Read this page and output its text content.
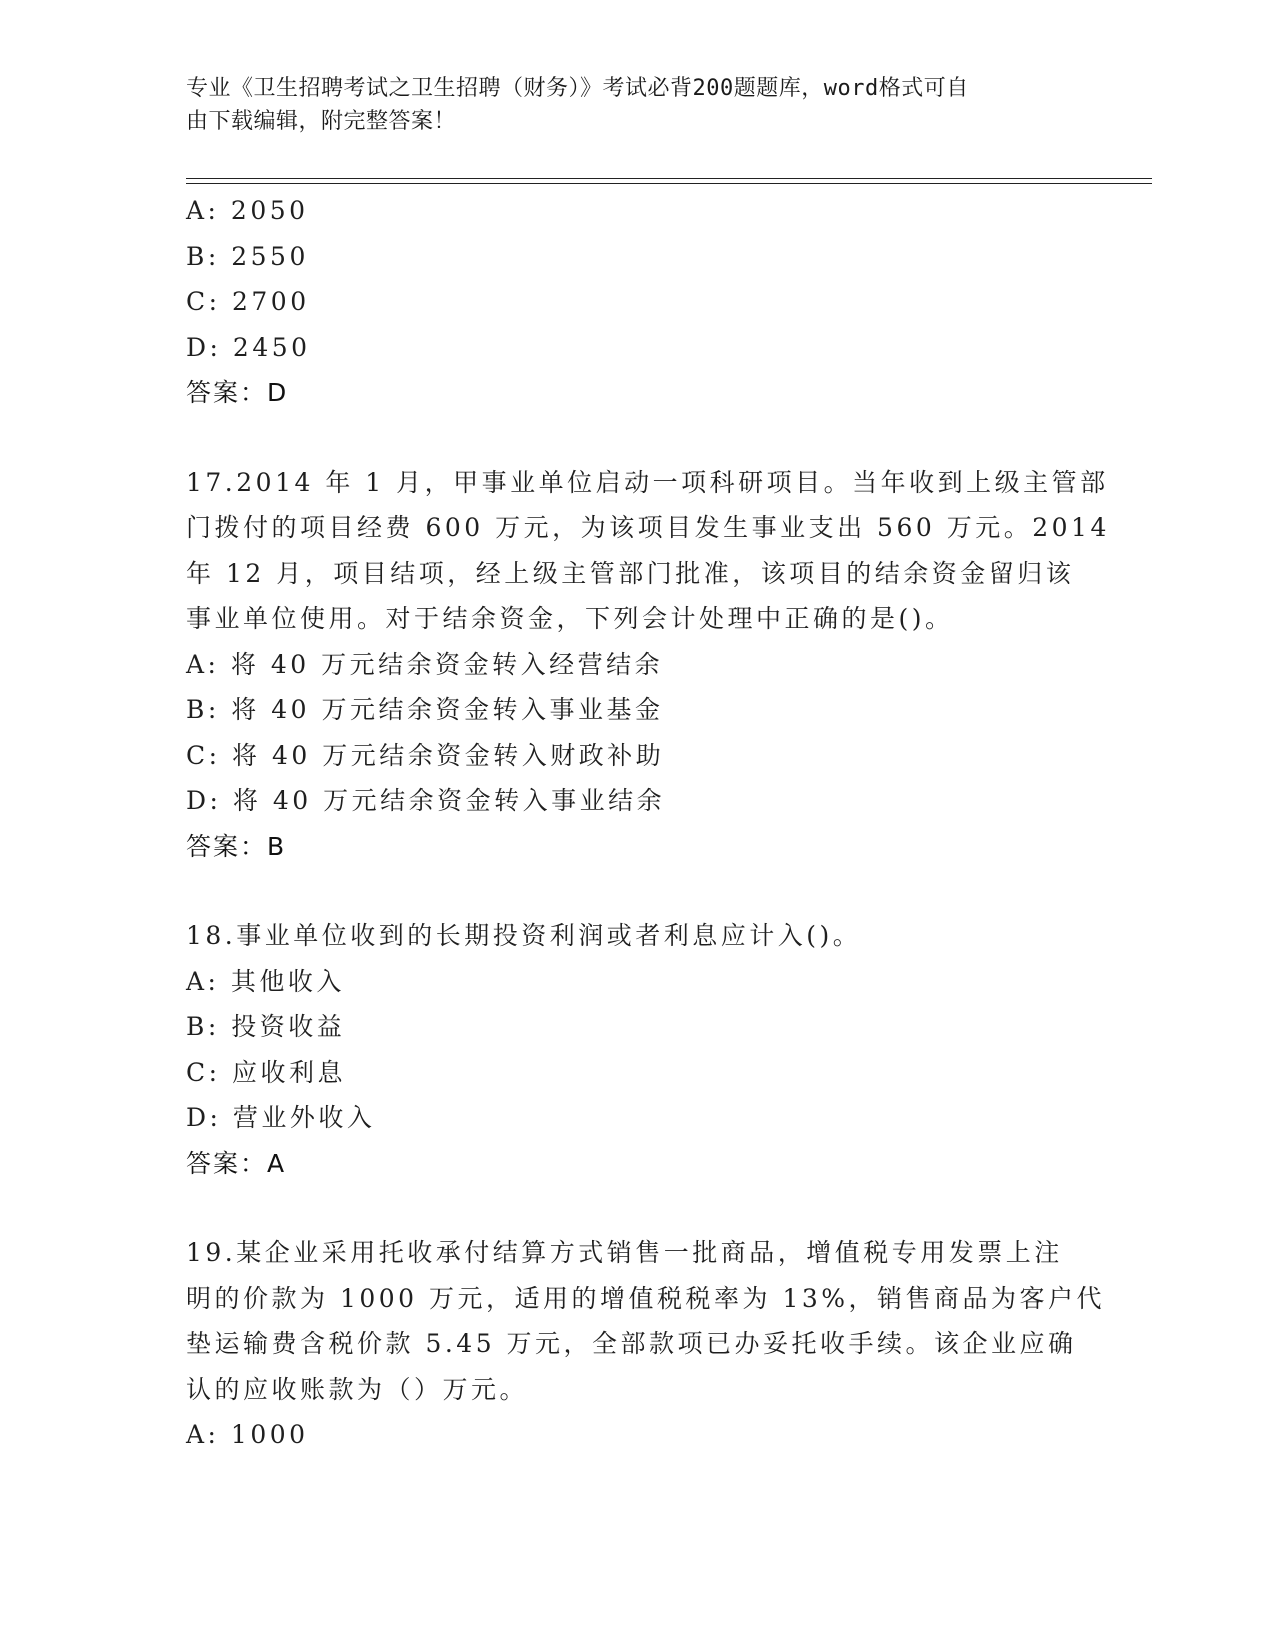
专业《卫生招聘考试之卫生招聘（财务）》考试必背200题题库，word格式可自
由下载编辑，附完整答案！
A: 2050
B: 2550
C: 2700
D: 2450
答案：D
17.2014 年 1 月，甲事业单位启动一项科研项目。当年收到上级主管部
门拨付的项目经费 600 万元，为该项目发生事业支出 560 万元。2014
年 12 月，项目结项，经上级主管部门批准，该项目的结余资金留归该
事业单位使用。对于结余资金，下列会计处理中正确的是()。
A: 将 40 万元结余资金转入经营结余
B: 将 40 万元结余资金转入事业基金
C: 将 40 万元结余资金转入财政补助
D: 将 40 万元结余资金转入事业结余
答案：B
18.事业单位收到的长期投资利润或者利息应计入()。
A: 其他收入
B: 投资收益
C: 应收利息
D: 营业外收入
答案：A
19.某企业采用托收承付结算方式销售一批商品，增值税专用发票上注
明的价款为 1000 万元，适用的增值税税率为 13%，销售商品为客户代
垫运输费含税价款 5.45 万元，全部款项已办妥托收手续。该企业应确
认的应收账款为（）万元。
A: 1000
